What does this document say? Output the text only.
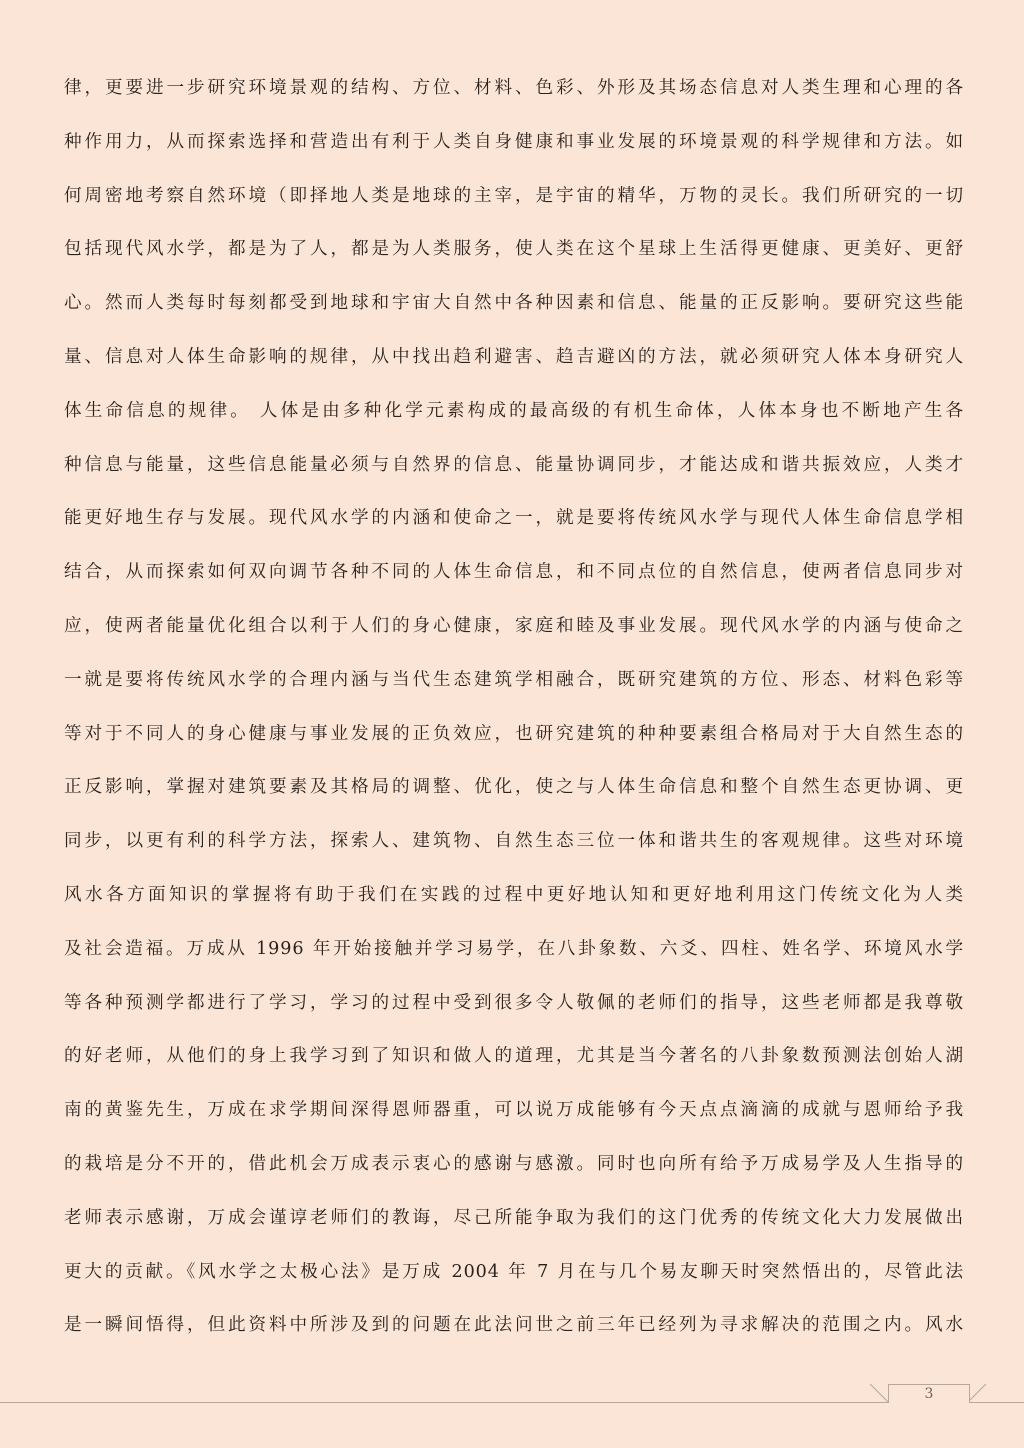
律，更要进一步研究环境景观的结构、方位、材料、色彩、外形及其场态信息对人类生理和心理的各
种作用力，从而探索选择和营造出有利于人类自身健康和事业发展的环境景观的科学规律和方法。如
何周密地考察自然环境（即择地人类是地球的主宰，是宇宙的精华，万物的灵长。我们所研究的一切
包括现代风水学，都是为了人，都是为人类服务，使人类在这个星球上生活得更健康、更美好、更舒
心。然而人类每时每刻都受到地球和宇宙大自然中各种因素和信息、能量的正反影响。要研究这些能
量、信息对人体生命影响的规律，从中找出趋利避害、趋吉避凶的方法，就必须研究人体本身研究人
体生命信息的规律。 人体是由多种化学元素构成的最高级的有机生命体，人体本身也不断地产生各
种信息与能量，这些信息能量必须与自然界的信息、能量协调同步，才能达成和谐共振效应，人类才
能更好地生存与发展。现代风水学的内涵和使命之一，就是要将传统风水学与现代人体生命信息学相
结合，从而探索如何双向调节各种不同的人体生命信息，和不同点位的自然信息，使两者信息同步对
应，使两者能量优化组合以利于人们的身心健康，家庭和睦及事业发展。现代风水学的内涵与使命之
一就是要将传统风水学的合理内涵与当代生态建筑学相融合，既研究建筑的方位、形态、材料色彩等
等对于不同人的身心健康与事业发展的正负效应，也研究建筑的种种要素组合格局对于大自然生态的
正反影响，掌握对建筑要素及其格局的调整、优化，使之与人体生命信息和整个自然生态更协调、更
同步，以更有利的科学方法，探索人、建筑物、自然生态三位一体和谐共生的客观规律。这些对环境
风水各方面知识的掌握将有助于我们在实践的过程中更好地认知和更好地利用这门传统文化为人类
及社会造福。万成从 1996 年开始接触并学习易学，在八卦象数、六爻、四柱、姓名学、环境风水学
等各种预测学都进行了学习，学习的过程中受到很多令人敬佩的老师们的指导，这些老师都是我尊敬
的好老师，从他们的身上我学习到了知识和做人的道理，尤其是当今著名的八卦象数预测法创始人湖
南的黄鉴先生，万成在求学期间深得恩师器重，可以说万成能够有今天点点滴滴的成就与恩师给予我
的栽培是分不开的，借此机会万成表示衷心的感谢与感激。同时也向所有给予万成易学及人生指导的
老师表示感谢，万成会谨谆老师们的教诲，尽己所能争取为我们的这门优秀的传统文化大力发展做出
更大的贡献。《风水学之太极心法》是万成 2004 年 7 月在与几个易友聊天时突然悟出的，尽管此法
是一瞬间悟得，但此资料中所涉及到的问题在此法问世之前三年已经列为寻求解决的范围之内。风水
3
